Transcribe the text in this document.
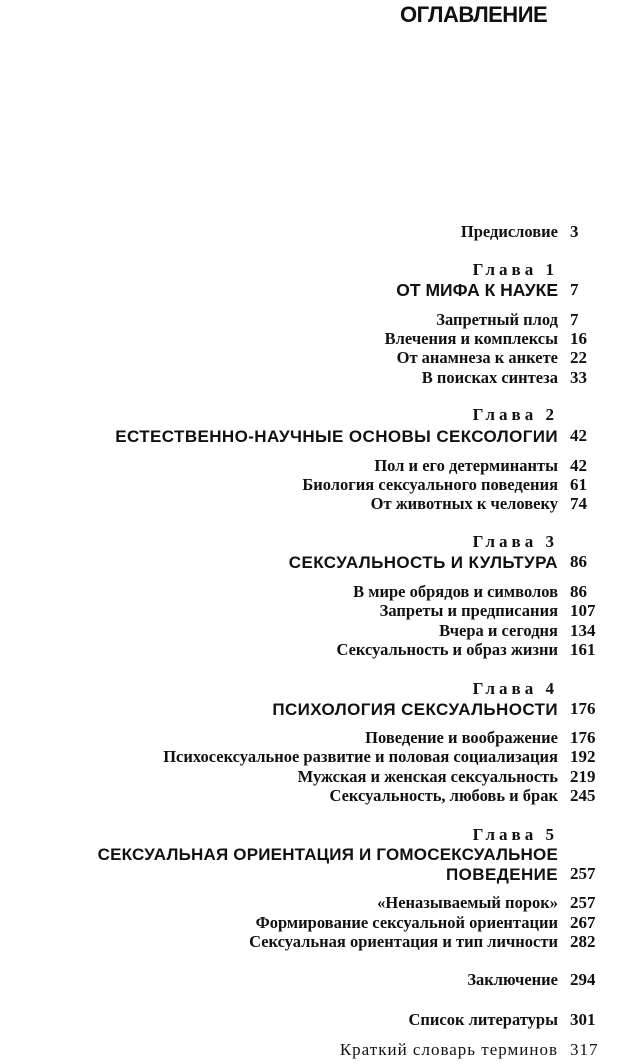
ОГЛАВЛЕНИЕ
Предисловие 3
Глава 1
ОТ МИФА К НАУКЕ 7
Запретный плод 7
Влечения и комплексы 16
От анамнеза к анкете 22
В поисках синтеза 33
Глава 2
ЕСТЕСТВЕННО-НАУЧНЫЕ ОСНОВЫ СЕКСОЛОГИИ 42
Пол и его детерминанты 42
Биология сексуального поведения 61
От животных к человеку 74
Глава 3
СЕКСУАЛЬНОСТЬ И КУЛЬТУРА 86
В мире обрядов и символов 86
Запреты и предписания 107
Вчера и сегодня 134
Сексуальность и образ жизни 161
Глава 4
ПСИХОЛОГИЯ СЕКСУАЛЬНОСТИ 176
Поведение и воображение 176
Психосексуальное развитие и половая социализация 192
Мужская и женская сексуальность 219
Сексуальность, любовь и брак 245
Глава 5
СЕКСУАЛЬНАЯ ОРИЕНТАЦИЯ И ГОМОСЕКСУАЛЬНОЕ
ПОВЕДЕНИЕ 257
«Неназываемый порок» 257
Формирование сексуальной ориентации 267
Сексуальная ориентация и тип личности 282
Заключение 294
Список литературы 301
Краткий словарь терминов 317
